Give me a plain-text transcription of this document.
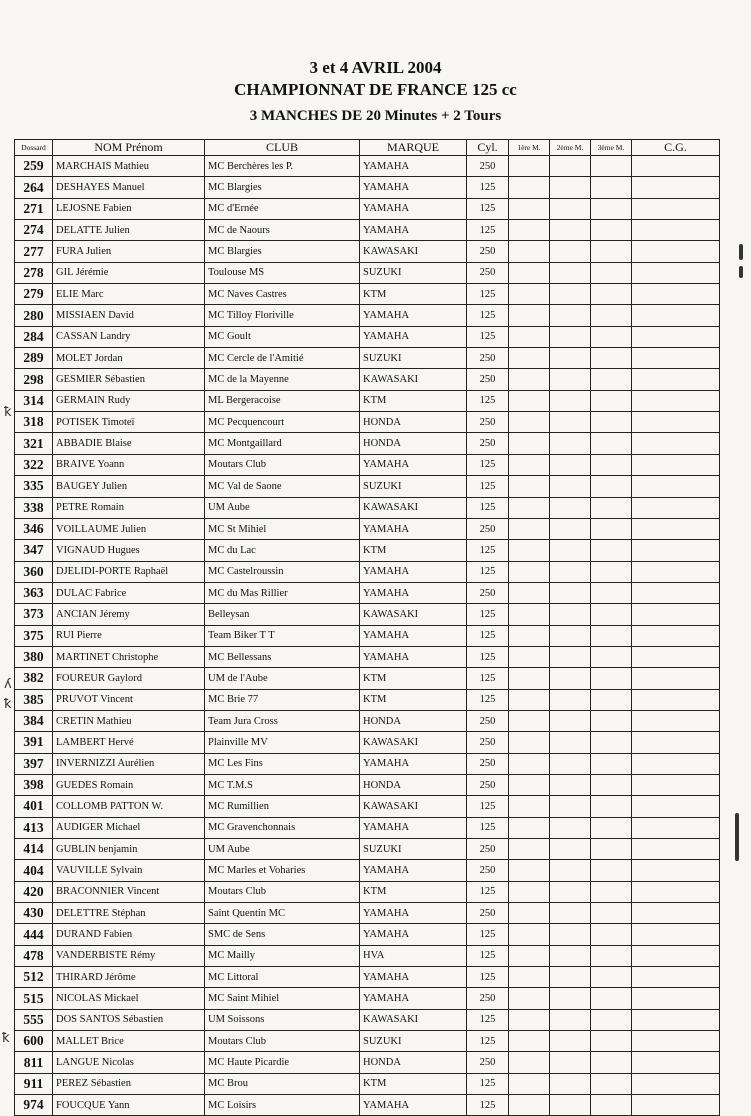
3 et 4 AVRIL 2004
CHAMPIONNAT DE FRANCE 125 cc
3 MANCHES DE 20 Minutes + 2 Tours
Dossard	NOM Prénom	CLUB	MARQUE	Cyl.	1ère M.	2ème M.	3ème M.	C.G.
259	MARCHAIS Mathieu	MC Berchères les P.	YAMAHA	250				
264	DESHAYES Manuel	MC Blargies	YAMAHA	125				
271	LEJOSNE Fabien	MC d'Ernée	YAMAHA	125				
274	DELATTE Julien	MC de Naours	YAMAHA	125				
277	FURA Julien	MC Blargies	KAWASAKI	250				
278	GIL Jérémie	Toulouse MS	SUZUKI	250				
279	ELIE Marc	MC Naves Castres	KTM	125				
280	MISSIAEN David	MC Tilloy Floriville	YAMAHA	125				
284	CASSAN Landry	MC Goult	YAMAHA	125				
289	MOLET Jordan	MC Cercle de l'Amitié	SUZUKI	250				
298	GESMIER Sébastien	MC de la Mayenne	KAWASAKI	250				
314	GERMAIN Rudy	ML Bergeracoise	KTM	125				
318	POTISEK Timoteï	MC Pecquencourt	HONDA	250				
321	ABBADIE Blaise	MC Montgaillard	HONDA	250				
322	BRAIVE Yoann	Moutars Club	YAMAHA	125				
335	BAUGEY Julien	MC Val de Saone	SUZUKI	125				
338	PETRE Romain	UM Aube	KAWASAKI	125				
346	VOILLAUME Julien	MC St Mihiel	YAMAHA	250				
347	VIGNAUD Hugues	MC du Lac	KTM	125				
360	DJELIDI-PORTE Raphaël	MC Castelroussin	YAMAHA	125				
363	DULAC Fabrice	MC du Mas Rillier	YAMAHA	250				
373	ANCIAN Jéremy	Belleysan	KAWASAKI	125				
375	RUI Pierre	Team Biker T T	YAMAHA	125				
380	MARTINET Christophe	MC Bellessans	YAMAHA	125				
382	FOUREUR Gaylord	UM de l'Aube	KTM	125				
385	PRUVOT Vincent	MC Brie 77	KTM	125				
384	CRETIN Mathieu	Team Jura Cross	HONDA	250				
391	LAMBERT Hervé	Plainville MV	KAWASAKI	250				
397	INVERNIZZI Aurélien	MC Les Fins	YAMAHA	250				
398	GUEDES Romain	MC T.M.S	HONDA	250				
401	COLLOMB PATTON W.	MC Rumillien	KAWASAKI	125				
413	AUDIGER Michael	MC Gravenchonnais	YAMAHA	125				
414	GUBLIN benjamin	UM Aube	SUZUKI	250				
404	VAUVILLE Sylvain	MC Marles et Voharies	YAMAHA	250				
420	BRACONNIER Vincent	Moutars Club	KTM	125				
430	DELETTRE Stéphan	Saint Quentin MC	YAMAHA	250				
444	DURAND Fabien	SMC de Sens	YAMAHA	125				
478	VANDERBISTE Rémy	MC Mailly	HVA	125				
512	THIRARD Jérôme	MC Littoral	YAMAHA	125				
515	NICOLAS Mickael	MC Saint Mihiel	YAMAHA	250				
555	DOS SANTOS Sébastien	UM Soissons	KAWASAKI	125				
600	MALLET Brice	Moutars Club	SUZUKI	125				
811	LANGUE Nicolas	MC Haute Picardie	HONDA	250				
911	PEREZ Sébastien	MC Brou	KTM	125				
974	FOUCQUE Yann	MC Loisirs	YAMAHA	125				
ꝁ
ʎ
ꝁ
ꝁ
